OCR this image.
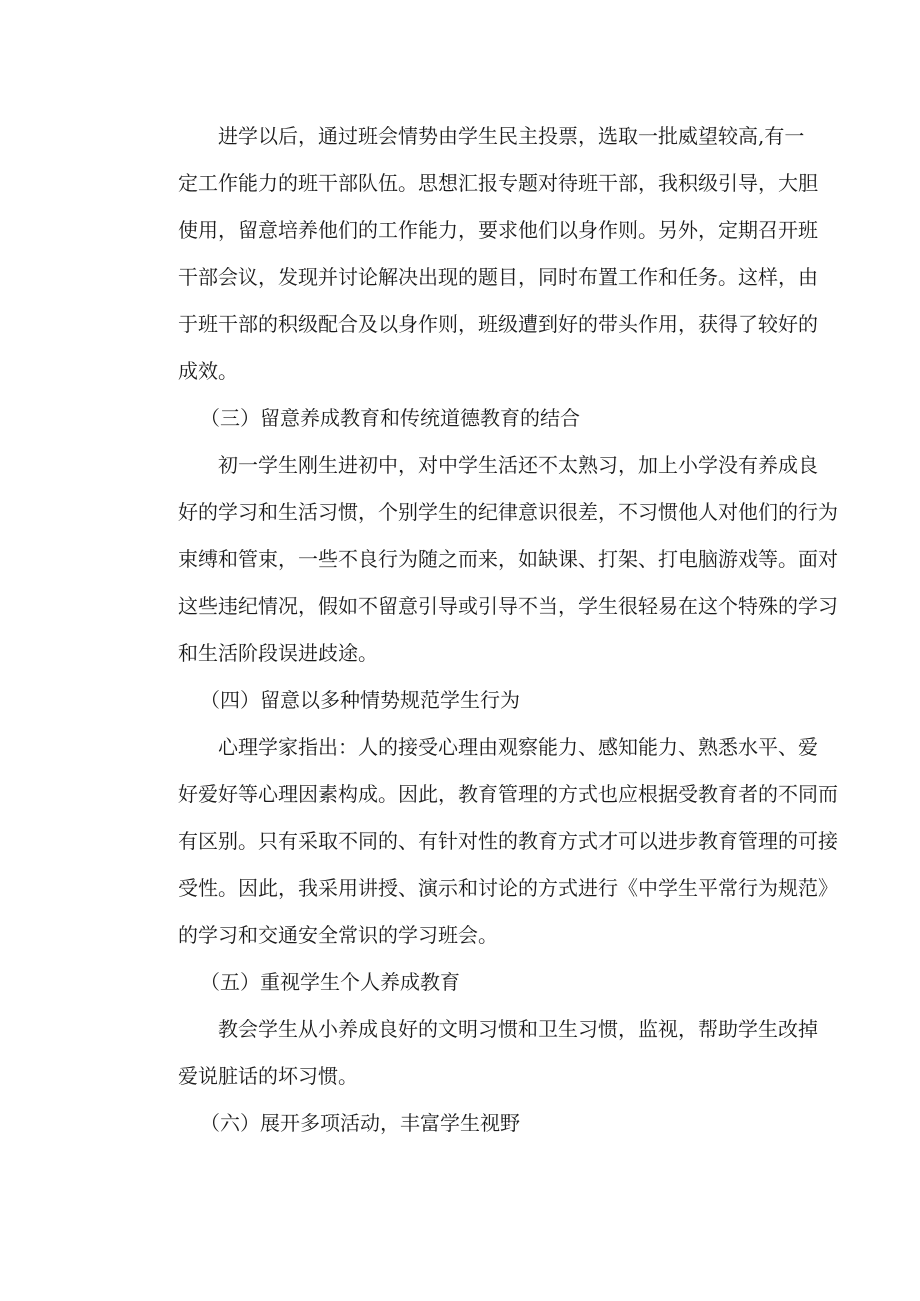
进学以后，通过班会情势由学生民主投票，选取一批威望较高,有一
定工作能力的班干部队伍。思想汇报专题对待班干部，我积级引导，大胆
使用，留意培养他们的工作能力，要求他们以身作则。另外，定期召开班
干部会议，发现并讨论解决出现的题目，同时布置工作和任务。这样，由
于班干部的积级配合及以身作则，班级遭到好的带头作用，获得了较好的
成效。
（三）留意养成教育和传统道德教育的结合
初一学生刚生进初中，对中学生活还不太熟习，加上小学没有养成良
好的学习和生活习惯，个别学生的纪律意识很差，不习惯他人对他们的行为
束缚和管束，一些不良行为随之而来，如缺课、打架、打电脑游戏等。面对
这些违纪情况，假如不留意引导或引导不当，学生很轻易在这个特殊的学习
和生活阶段误进歧途。
（四）留意以多种情势规范学生行为
心理学家指出：人的接受心理由观察能力、感知能力、熟悉水平、爱
好爱好等心理因素构成。因此，教育管理的方式也应根据受教育者的不同而
有区别。只有采取不同的、有针对性的教育方式才可以进步教育管理的可接
受性。因此，我采用讲授、演示和讨论的方式进行《中学生平常行为规范》
的学习和交通安全常识的学习班会。
（五）重视学生个人养成教育
教会学生从小养成良好的文明习惯和卫生习惯，监视，帮助学生改掉
爱说脏话的坏习惯。
（六）展开多项活动，丰富学生视野
